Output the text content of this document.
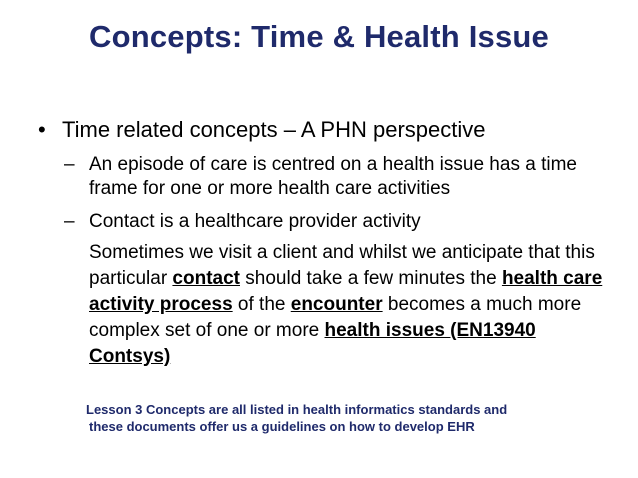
Concepts: Time & Health Issue
• Time related concepts – A PHN perspective
– An episode of care is centred on a health issue has a time frame for one or more health care activities
– Contact is a healthcare provider activity

Sometimes we visit a client and whilst we anticipate that this particular contact should take a few minutes the health care activity process of the encounter becomes a much more complex set of one or more health issues (EN13940 Contsys)

Lesson 3 Concepts are all listed in health informatics standards and
these documents offer us a guidelines on how to develop EHR
